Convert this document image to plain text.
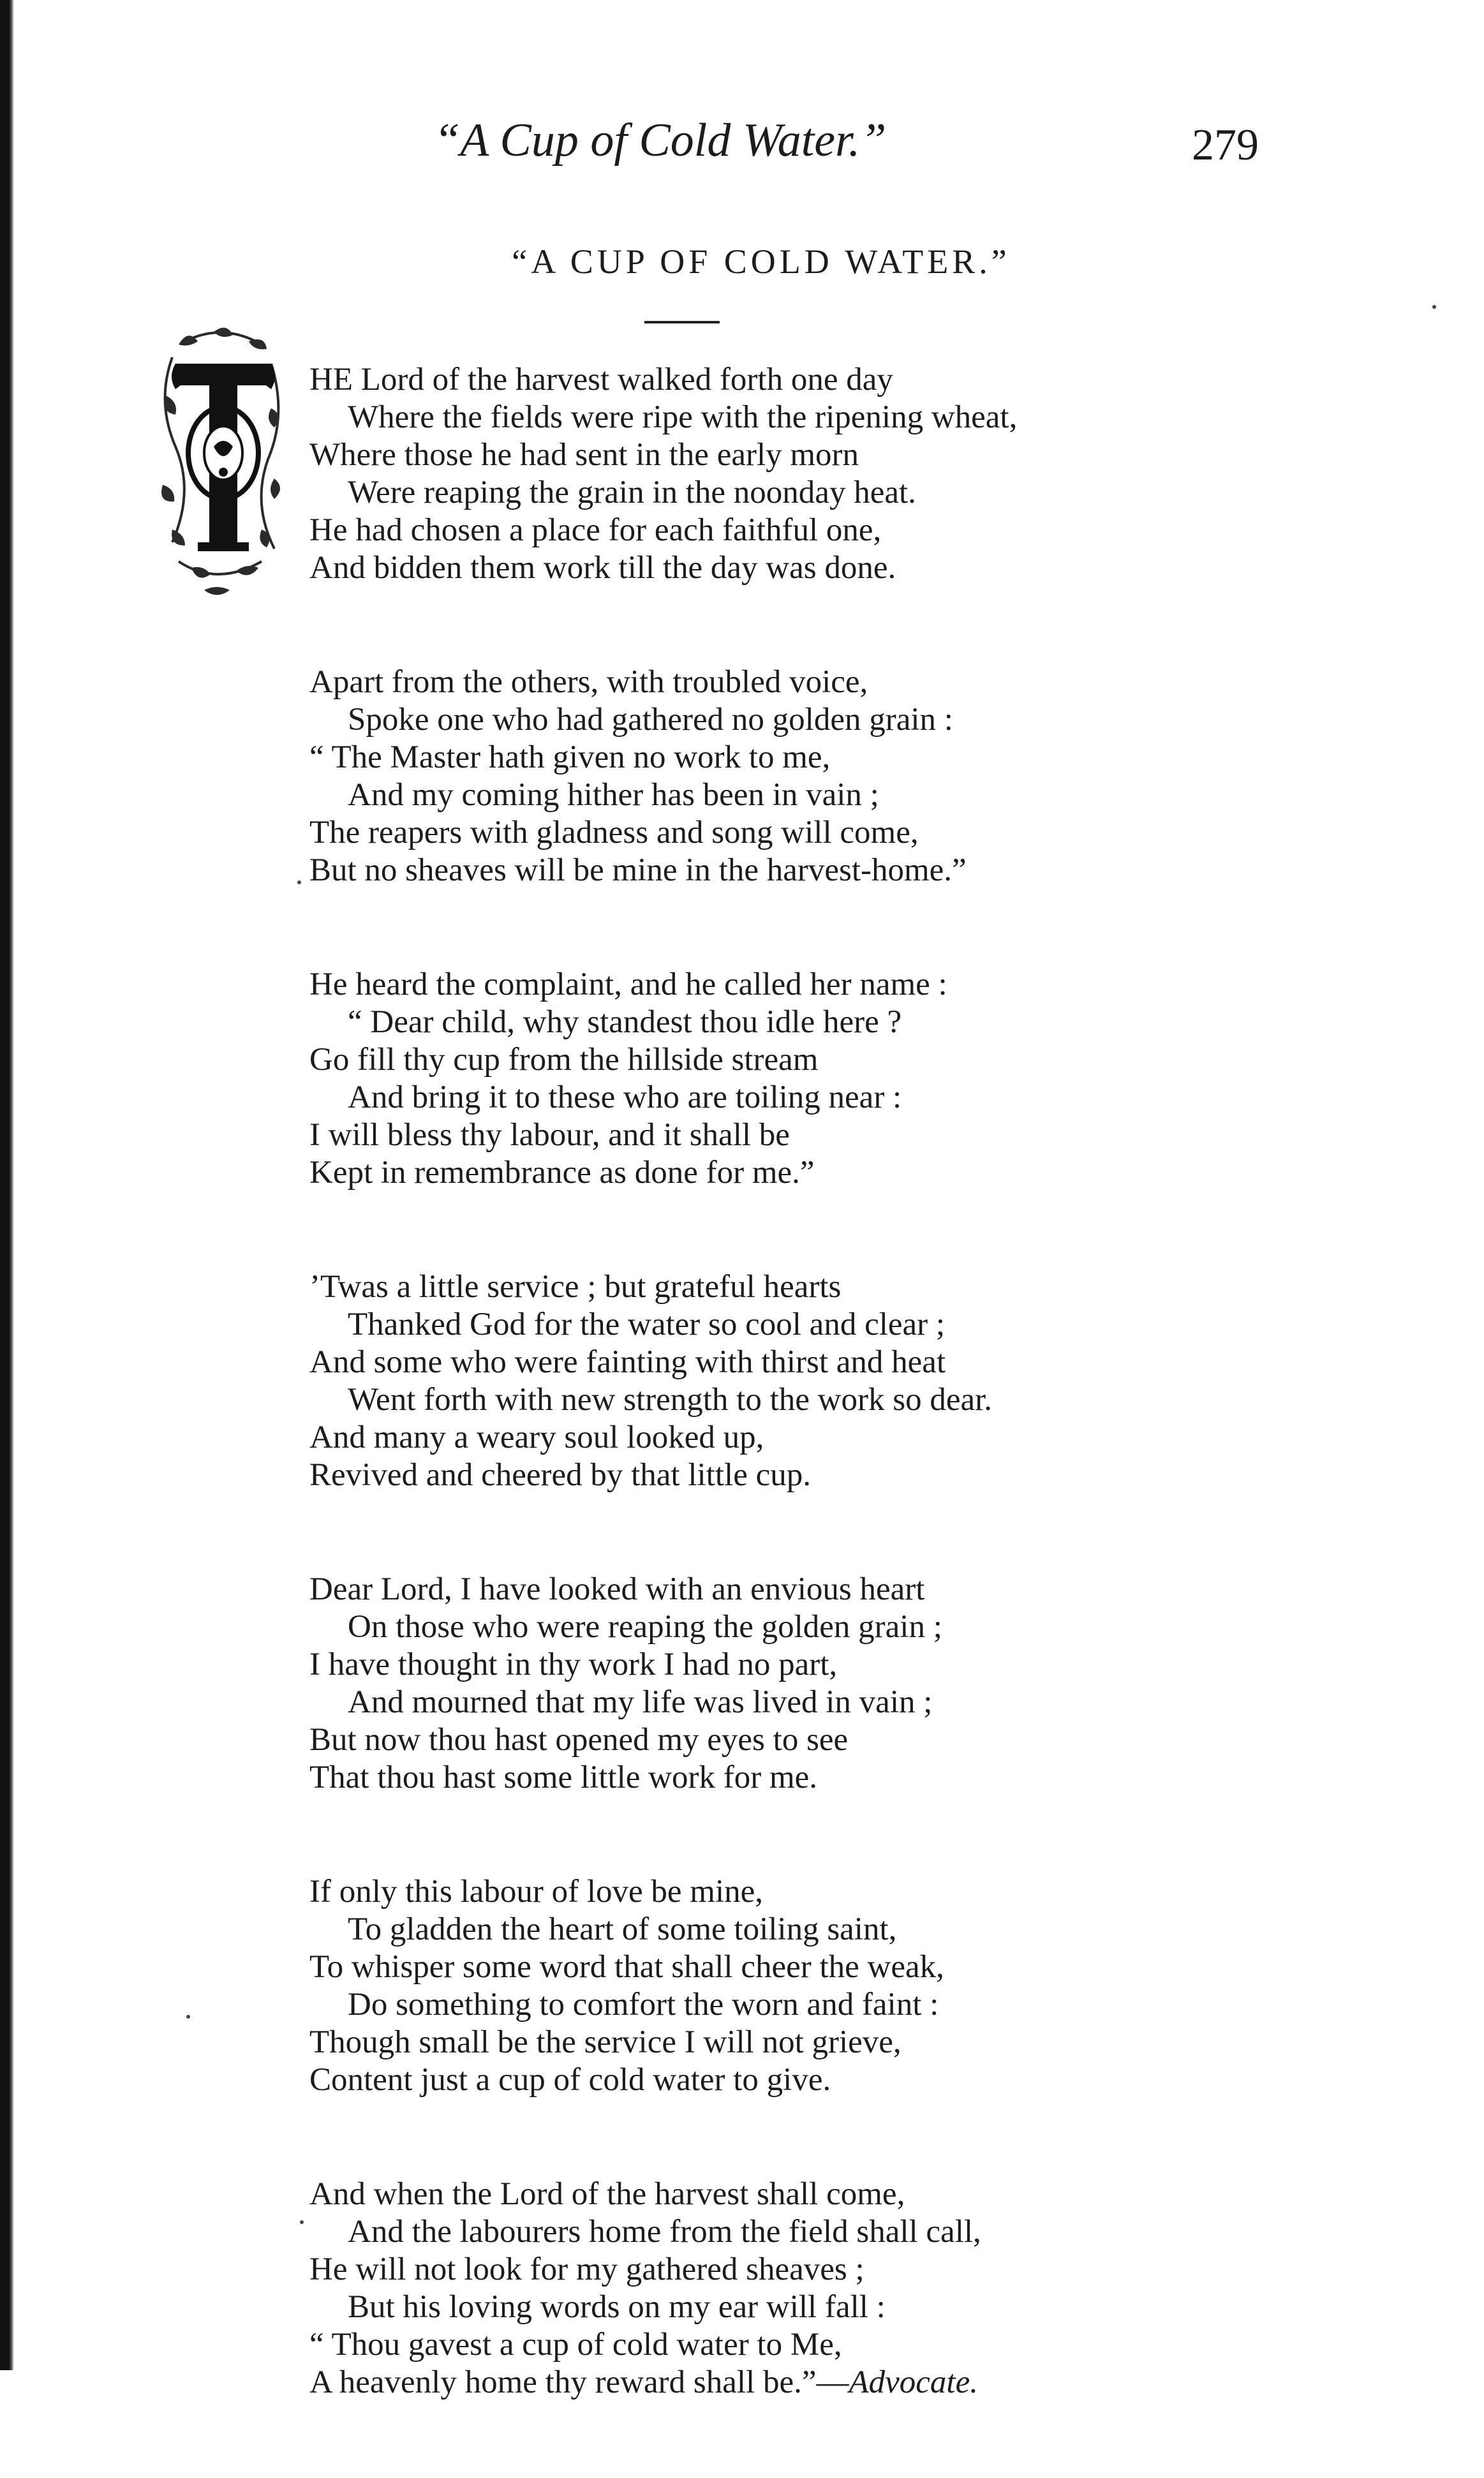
“A Cup of Cold Water.”	279
“A CUP OF COLD WATER.”
HE Lord of the harvest walked forth one day
Where the fields were ripe with the ripening wheat,
Where those he had sent in the early morn
Were reaping the grain in the noonday heat.
He had chosen a place for each faithful one,
And bidden them work till the day was done.
Apart from the others, with troubled voice,
Spoke one who had gathered no golden grain :
“ The Master hath given no work to me,
And my coming hither has been in vain ;
The reapers with gladness and song will come,
But no sheaves will be mine in the harvest-home.”
He heard the complaint, and he called her name :
“ Dear child, why standest thou idle here ?
Go fill thy cup from the hillside stream
And bring it to these who are toiling near :
I will bless thy labour, and it shall be
Kept in remembrance as done for me.”
’Twas a little service ; but grateful hearts
Thanked God for the water so cool and clear ;
And some who were fainting with thirst and heat
Went forth with new strength to the work so dear.
And many a weary soul looked up,
Revived and cheered by that little cup.
Dear Lord, I have looked with an envious heart
On those who were reaping the golden grain ;
I have thought in thy work I had no part,
And mourned that my life was lived in vain ;
But now thou hast opened my eyes to see
That thou hast some little work for me.
If only this labour of love be mine,
To gladden the heart of some toiling saint,
To whisper some word that shall cheer the weak,
Do something to comfort the worn and faint :
Though small be the service I will not grieve,
Content just a cup of cold water to give.
And when the Lord of the harvest shall come,
And the labourers home from the field shall call,
He will not look for my gathered sheaves ;
But his loving words on my ear will fall :
“ Thou gavest a cup of cold water to Me,
A heavenly home thy reward shall be.”—Advocate.
